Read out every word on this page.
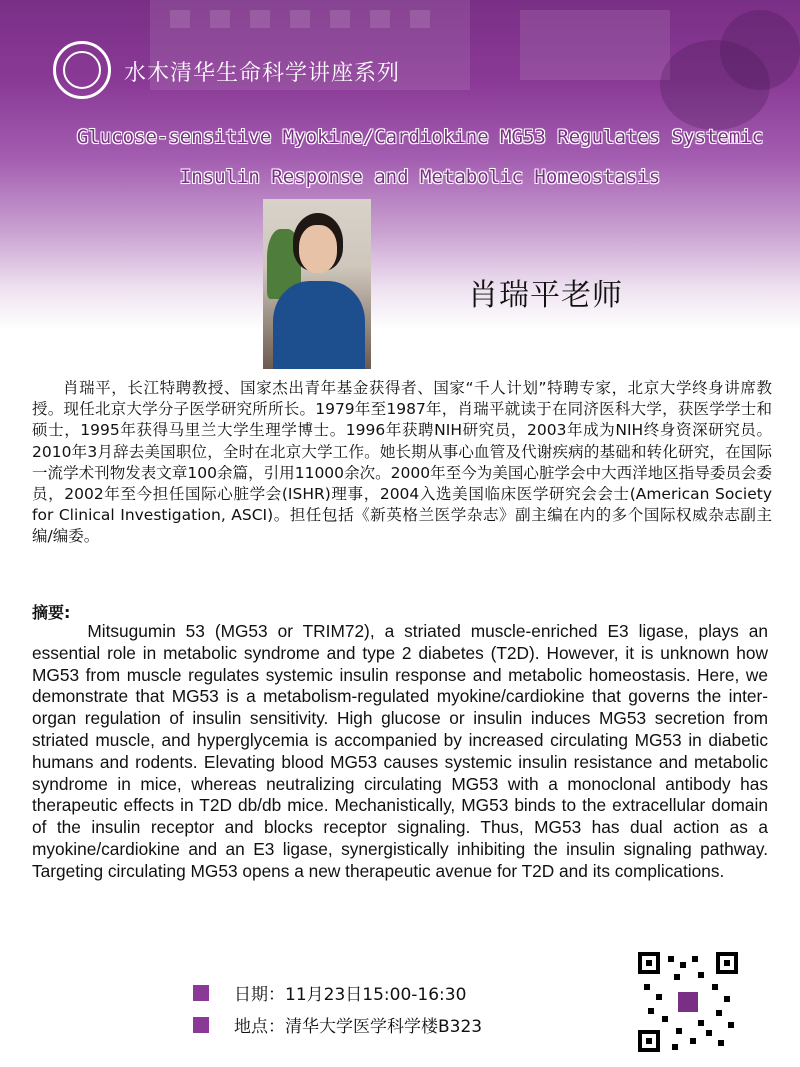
水木清华生命科学讲座系列
Glucose-sensitive Myokine/Cardiokine MG53 Regulates Systemic
Insulin Response and Metabolic Homeostasis
肖瑞平老师

肖瑞平，长江特聘教授、国家杰出青年基金获得者、国家“千人计划”特聘专家，北京大学终身讲席教授。现任北京大学分子医学研究所所长。1979年至1987年，肖瑞平就读于在同济医科大学，获医学学士和硕士，1995年获得马里兰大学生理学博士。1996年获聘NIH研究员，2003年成为NIH终身资深研究员。2010年3月辞去美国职位，全时在北京大学工作。她长期从事心血管及代谢疾病的基础和转化研究，在国际一流学术刊物发表文章100余篇，引用11000余次。2000年至今为美国心脏学会中大西洋地区指导委员会委员，2002年至今担任国际心脏学会(ISHR)理事，2004入选美国临床医学研究会会士(American Society for Clinical Investigation, ASCI)。担任包括《新英格兰医学杂志》副主编在内的多个国际权威杂志副主编/编委。

摘要:

Mitsugumin 53 (MG53 or TRIM72), a striated muscle-enriched E3 ligase, plays an essential role in metabolic syndrome and type 2 diabetes (T2D). However, it is unknown how MG53 from muscle regulates systemic insulin response and metabolic homeostasis. Here, we demonstrate that MG53 is a metabolism-regulated myokine/cardiokine that governs the inter-organ regulation of insulin sensitivity. High glucose or insulin induces MG53 secretion from striated muscle, and hyperglycemia is accompanied by increased circulating MG53 in diabetic humans and rodents. Elevating blood MG53 causes systemic insulin resistance and metabolic syndrome in mice, whereas neutralizing circulating MG53 with a monoclonal antibody has therapeutic effects in T2D db/db mice. Mechanistically, MG53 binds to the extracellular domain of the insulin receptor and blocks receptor signaling. Thus, MG53 has dual action as a myokine/cardiokine and an E3 ligase, synergistically inhibiting the insulin signaling pathway. Targeting circulating MG53 opens a new therapeutic avenue for T2D and its complications.

日期：11月23日15:00-16:30
地点：清华大学医学科学楼B323
